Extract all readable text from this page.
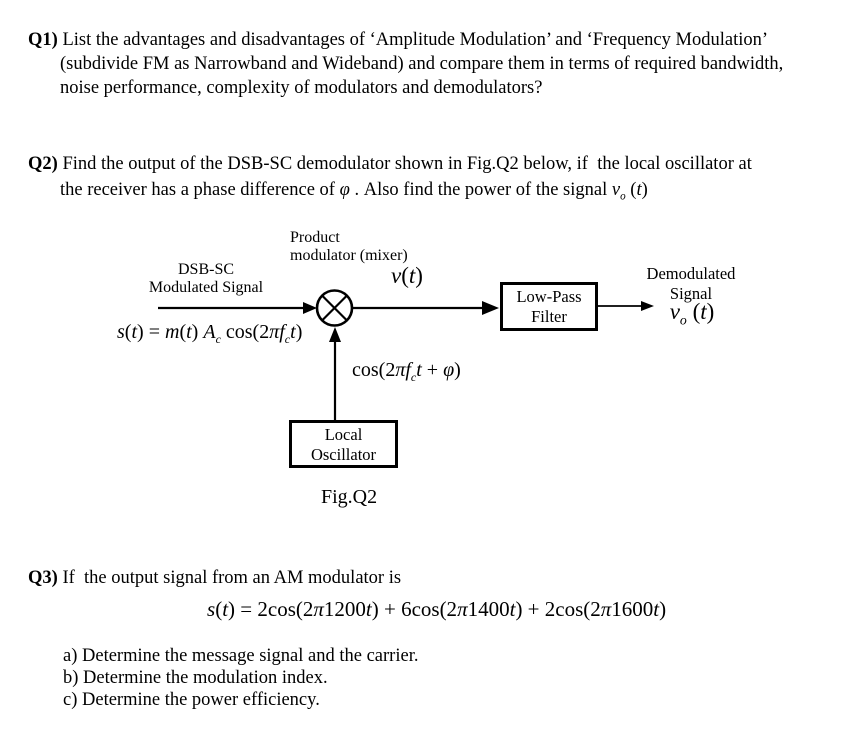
Q1) List the advantages and disadvantages of ‘Amplitude Modulation’ and ‘Frequency Modulation’
(subdivide FM as Narrowband and Wideband) and compare them in terms of required bandwidth,
noise performance, complexity of modulators and demodulators?
Q2) Find the output of the DSB-SC demodulator shown in Fig.Q2 below, if  the local oscillator at
the receiver has a phase difference of φ . Also find the power of the signal $v_o$ (t)
Product
modulator (mixer)
DSB-SC
Modulated Signal
s(t) = m(t) $A_c$ $\cos(2\pi f_ct)$
v(t)
Low-Pass
Filter
Demodulated
Signal
$v_o$ (t)
$\cos(2\pi f_ct + \varphi)$
Local
Oscillator
Fig.Q2
Q3) If  the output signal from an AM modulator is
s(t) = 2cos(2π1200t) + 6cos(2π1400t) + 2cos(2π1600t)
a) Determine the message signal and the carrier.
b) Determine the modulation index.
c) Determine the power efficiency.
